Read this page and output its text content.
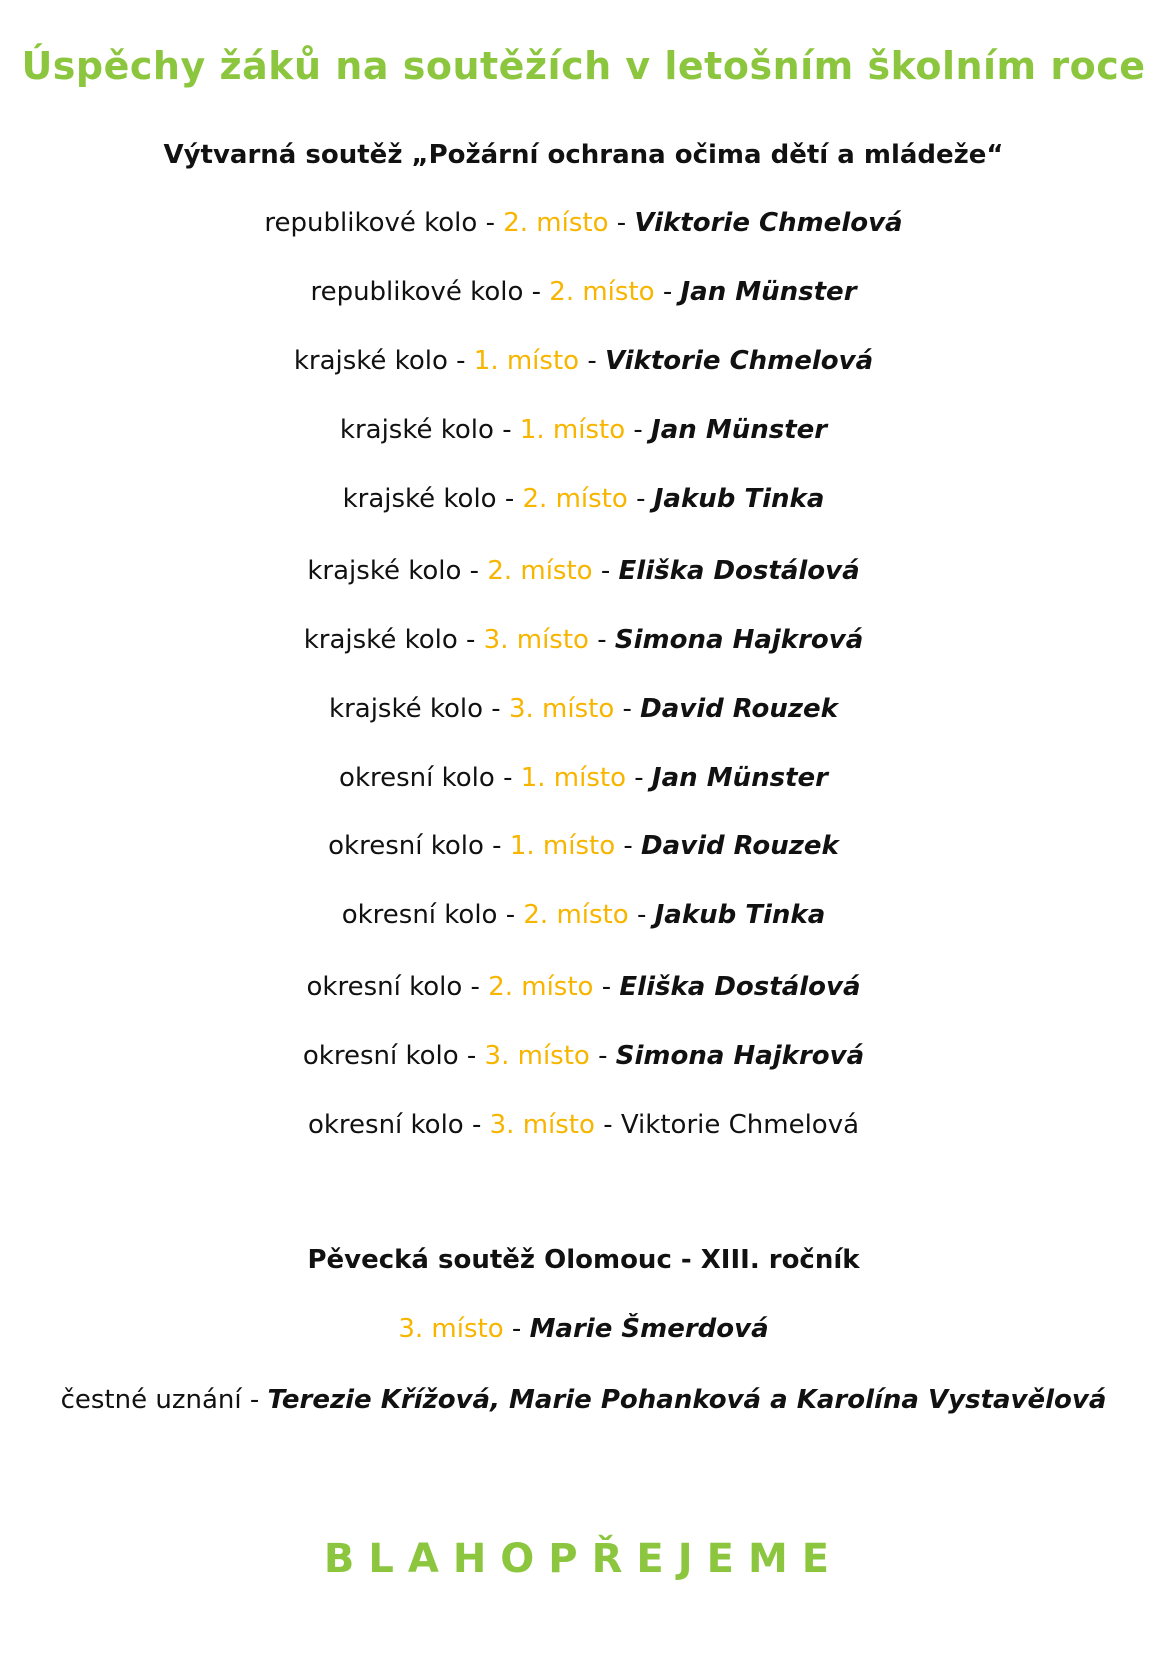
Úspěchy žáků na soutěžích v letošním školním roce
Výtvarná soutěž „Požární ochrana očima dětí a mládeže“
republikové kolo - 2. místo - Viktorie Chmelová
republikové kolo - 2. místo - Jan Münster
krajské kolo - 1. místo - Viktorie Chmelová
krajské kolo - 1. místo - Jan Münster
krajské kolo - 2. místo - Jakub Tinka
krajské kolo - 2. místo - Eliška Dostálová
krajské kolo - 3. místo - Simona Hajkrová
krajské kolo - 3. místo - David Rouzek
okresní kolo - 1. místo - Jan Münster
okresní kolo - 1. místo - David Rouzek
okresní kolo - 2. místo - Jakub Tinka
okresní kolo - 2. místo - Eliška Dostálová
okresní kolo - 3. místo - Simona Hajkrová
okresní kolo - 3. místo - Viktorie Chmelová
Pěvecká soutěž Olomouc - XIII. ročník
3. místo - Marie Šmerdová
čestné uznání - Terezie Křížová, Marie Pohanková a Karolína Vystavělová
BLAHOPŘEJEME
